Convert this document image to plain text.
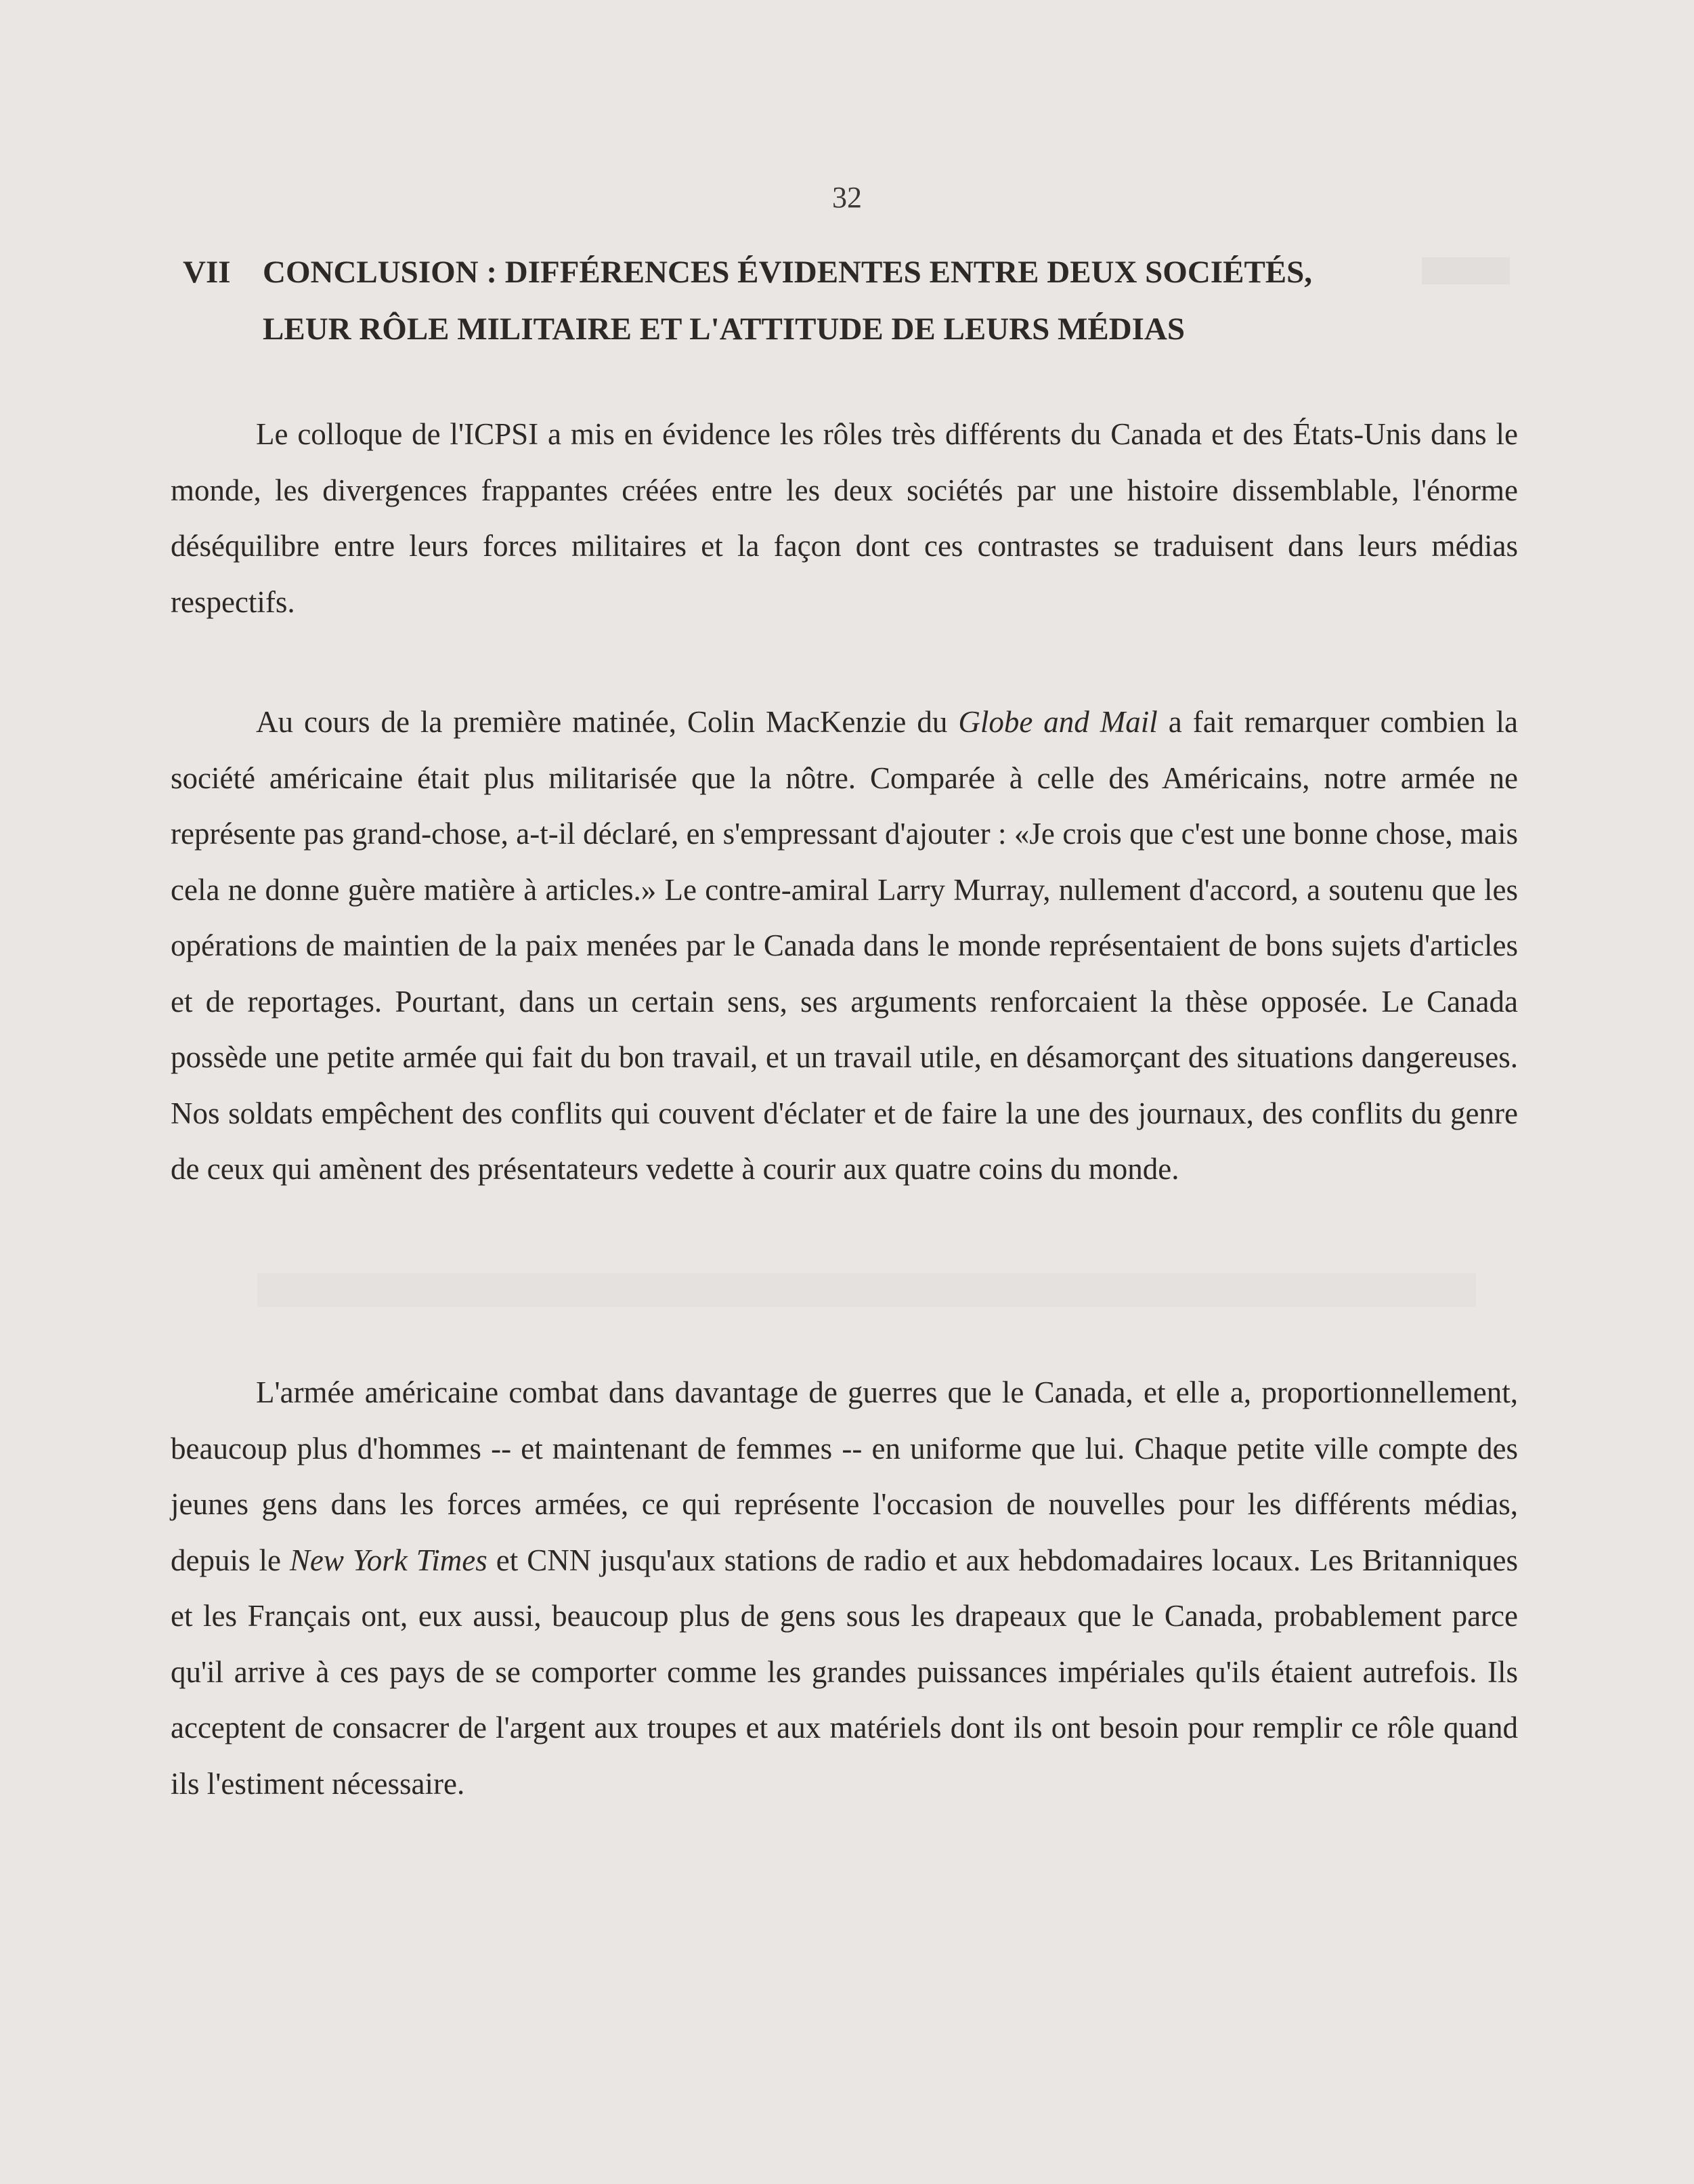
32
VII	CONCLUSION : DIFFÉRENCES ÉVIDENTES ENTRE DEUX SOCIÉTÉS,
LEUR RÔLE MILITAIRE ET L'ATTITUDE DE LEURS MÉDIAS

Le colloque de l'ICPSI a mis en évidence les rôles très différents du Canada et des États-Unis dans le monde, les divergences frappantes créées entre les deux sociétés par une histoire dissemblable, l'énorme déséquilibre entre leurs forces militaires et la façon dont ces contrastes se traduisent dans leurs médias respectifs.

Au cours de la première matinée, Colin MacKenzie du Globe and Mail a fait remarquer combien la société américaine était plus militarisée que la nôtre. Comparée à celle des Américains, notre armée ne représente pas grand-chose, a-t-il déclaré, en s'empressant d'ajouter : «Je crois que c'est une bonne chose, mais cela ne donne guère matière à articles.» Le contre-amiral Larry Murray, nullement d'accord, a soutenu que les opérations de maintien de la paix menées par le Canada dans le monde représentaient de bons sujets d'articles et de reportages. Pourtant, dans un certain sens, ses arguments renforcaient la thèse opposée. Le Canada possède une petite armée qui fait du bon travail, et un travail utile, en désamorçant des situations dangereuses. Nos soldats empêchent des conflits qui couvent d'éclater et de faire la une des journaux, des conflits du genre de ceux qui amènent des présentateurs vedette à courir aux quatre coins du monde.

L'armée américaine combat dans davantage de guerres que le Canada, et elle a, proportionnellement, beaucoup plus d'hommes -- et maintenant de femmes -- en uniforme que lui. Chaque petite ville compte des jeunes gens dans les forces armées, ce qui représente l'occasion de nouvelles pour les différents médias, depuis le New York Times et CNN jusqu'aux stations de radio et aux hebdomadaires locaux. Les Britanniques et les Français ont, eux aussi, beaucoup plus de gens sous les drapeaux que le Canada, probablement parce qu'il arrive à ces pays de se comporter comme les grandes puissances impériales qu'ils étaient autrefois. Ils acceptent de consacrer de l'argent aux troupes et aux matériels dont ils ont besoin pour remplir ce rôle quand ils l'estiment nécessaire.
